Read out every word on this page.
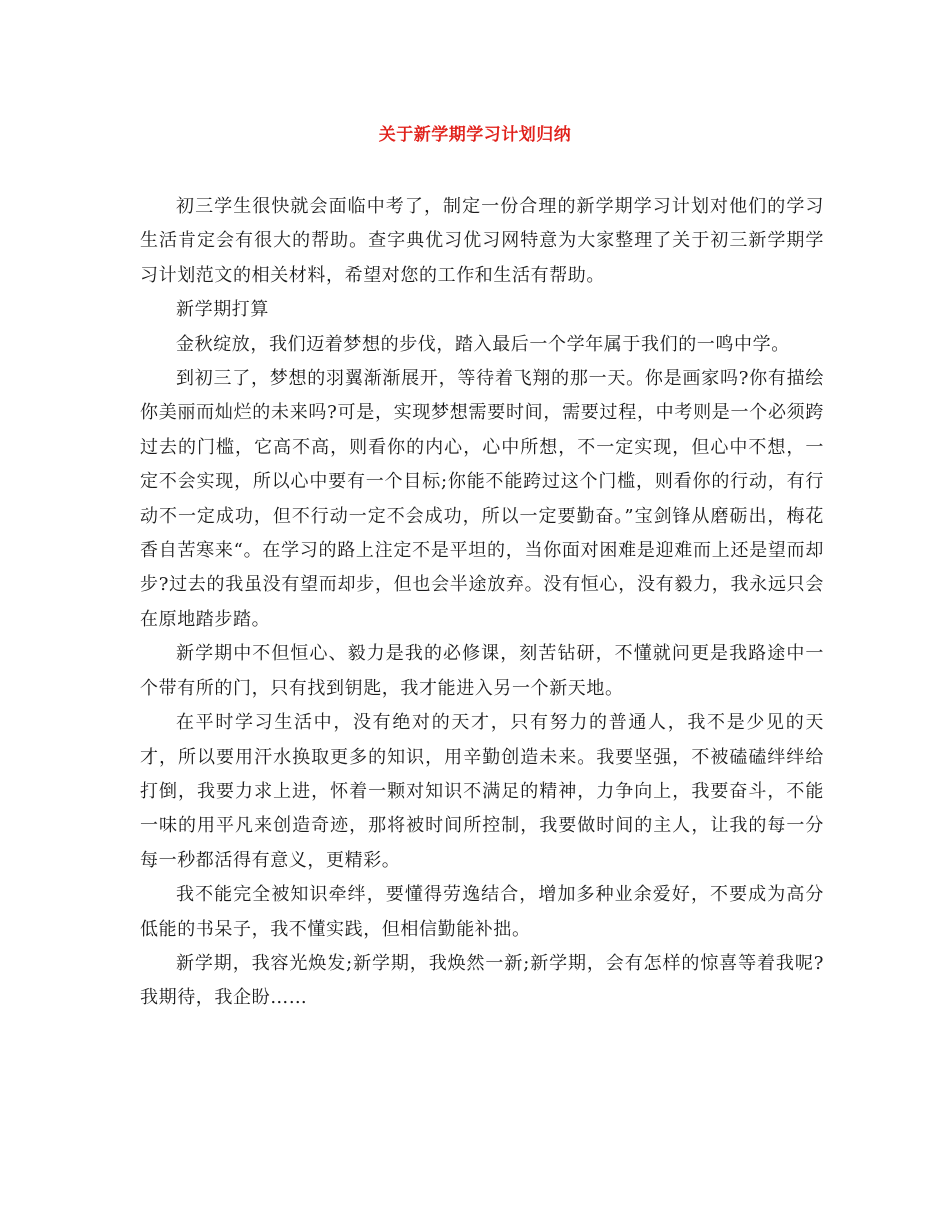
关于新学期学习计划归纳

初三学生很快就会面临中考了，制定一份合理的新学期学习计划对他们的学习生活肯定会有很大的帮助。查字典优习优习网特意为大家整理了关于初三新学期学习计划范文的相关材料，希望对您的工作和生活有帮助。

新学期打算

金秋绽放，我们迈着梦想的步伐，踏入最后一个学年属于我们的一鸣中学。

到初三了，梦想的羽翼渐渐展开，等待着飞翔的那一天。你是画家吗?你有描绘你美丽而灿烂的未来吗?可是，实现梦想需要时间，需要过程，中考则是一个必须跨过去的门槛，它高不高，则看你的内心，心中所想，不一定实现，但心中不想，一定不会实现，所以心中要有一个目标;你能不能跨过这个门槛，则看你的行动，有行动不一定成功，但不行动一定不会成功，所以一定要勤奋。”宝剑锋从磨砺出，梅花香自苦寒来“。在学习的路上注定不是平坦的，当你面对困难是迎难而上还是望而却步?过去的我虽没有望而却步，但也会半途放弃。没有恒心，没有毅力，我永远只会在原地踏步踏。

新学期中不但恒心、毅力是我的必修课，刻苦钻研，不懂就问更是我路途中一个带有所的门，只有找到钥匙，我才能进入另一个新天地。

在平时学习生活中，没有绝对的天才，只有努力的普通人，我不是少见的天才，所以要用汗水换取更多的知识，用辛勤创造未来。我要坚强，不被磕磕绊绊给打倒，我要力求上进，怀着一颗对知识不满足的精神，力争向上，我要奋斗，不能一味的用平凡来创造奇迹，那将被时间所控制，我要做时间的主人，让我的每一分每一秒都活得有意义，更精彩。

我不能完全被知识牵绊，要懂得劳逸结合，增加多种业余爱好，不要成为高分低能的书呆子，我不懂实践，但相信勤能补拙。

新学期，我容光焕发;新学期，我焕然一新;新学期，会有怎样的惊喜等着我呢?我期待，我企盼……
